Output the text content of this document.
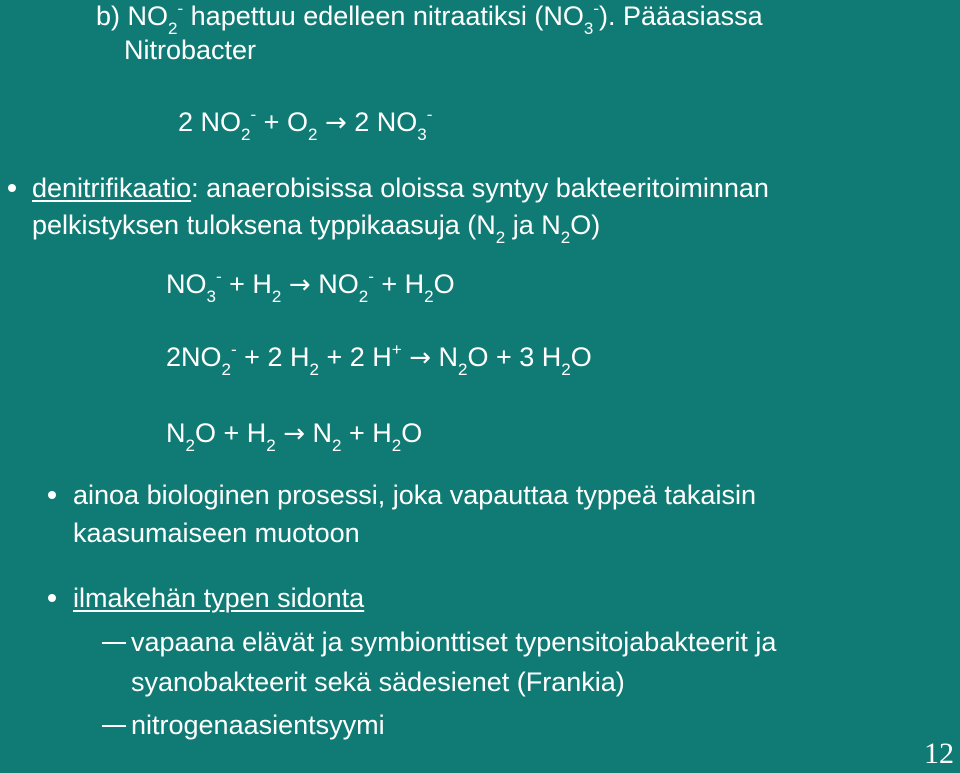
b) $NO_2^-$ hapettuu edelleen nitraatiksi $(NO_3^-)$. Pääasiassa
Nitrobacter
2 $NO_2^- + O_2 \to 2$ $NO_3^-$
denitrifikaatio: anaerobisissa oloissa syntyy bakteeritoiminnan
pelkistyksen tuloksena typpikaasuja ($N_2$ ja $N_2O$)
$NO_3^- + H_2 \to NO_2^- + H_2O$
$2NO_2^- + 2$ $H_2 + 2$ $H^+ \to N_2O + 3$ $H_2O$
$N_2O + H_2 \to N_2 + H_2O$
ainoa biologinen prosessi, joka vapauttaa typpeä takaisin
kaasumaiseen muotoon
ilmakehän typen sidonta
vapaana elävät ja symbionttiset typensitojabakteerit ja
syanobakteerit sekä sädesienet (Frankia)
nitrogenaasientsyymi
12
